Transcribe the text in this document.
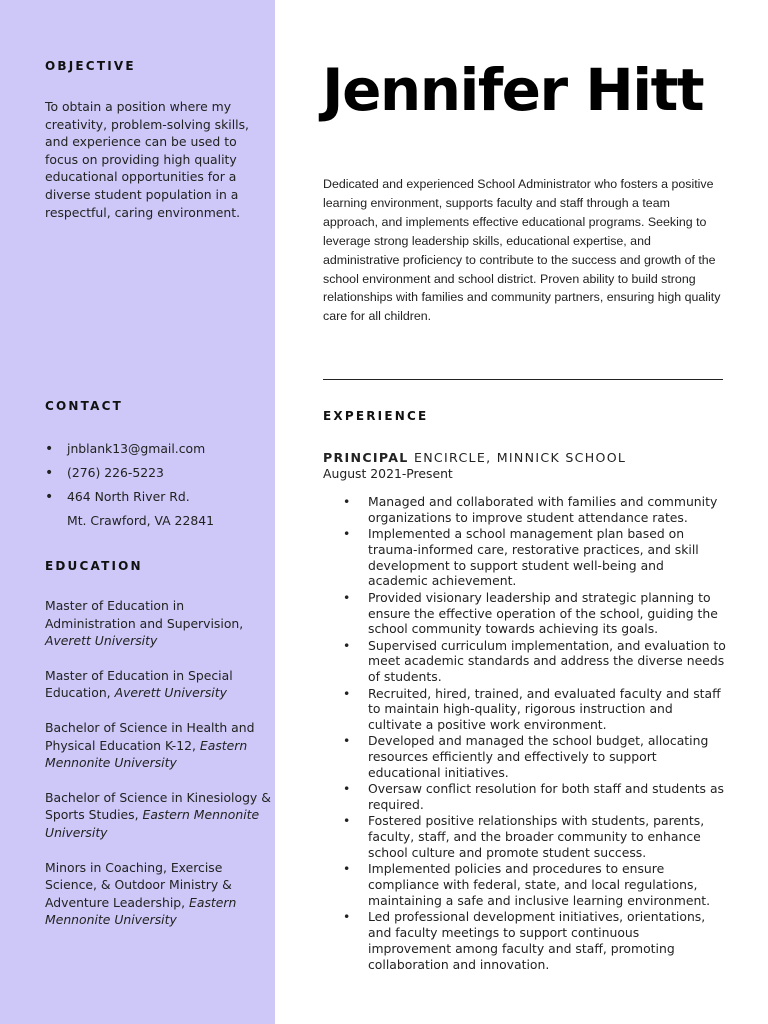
OBJECTIVE

To obtain a position where my creativity, problem-solving skills, and experience can be used to focus on providing high quality educational opportunities for a diverse student population in a respectful, caring environment.

CONTACT
• jnblank13@gmail.com
• (276) 226-5223
• 464 North River Rd.
Mt. Crawford, VA 22841
EDUCATION

Master of Education in Administration and Supervision, Averett University

Master of Education in Special Education, Averett University

Bachelor of Science in Health and Physical Education K-12, Eastern Mennonite University

Bachelor of Science in Kinesiology & Sports Studies, Eastern Mennonite University

Minors in Coaching, Exercise Science, & Outdoor Ministry & Adventure Leadership, Eastern Mennonite University

Jennifer Hitt

Dedicated and experienced School Administrator who fosters a positive learning environment, supports faculty and staff through a team approach, and implements effective educational programs. Seeking to leverage strong leadership skills, educational expertise, and administrative proficiency to contribute to the success and growth of the school environment and school district. Proven ability to build strong relationships with families and community partners, ensuring high quality care for all children.

EXPERIENCE

PRINCIPAL ENCIRCLE, MINNICK SCHOOL

August 2021-Present

• Managed and collaborated with families and community organizations to improve student attendance rates.
• Implemented a school management plan based on trauma-informed care, restorative practices, and skill development to support student well-being and academic achievement.
• Provided visionary leadership and strategic planning to ensure the effective operation of the school, guiding the school community towards achieving its goals.
• Supervised curriculum implementation, and evaluation to meet academic standards and address the diverse needs of students.
• Recruited, hired, trained, and evaluated faculty and staff to maintain high-quality, rigorous instruction and cultivate a positive work environment.
• Developed and managed the school budget, allocating resources efficiently and effectively to support educational initiatives.
• Oversaw conflict resolution for both staff and students as required.
• Fostered positive relationships with students, parents, faculty, staff, and the broader community to enhance school culture and promote student success.
• Implemented policies and procedures to ensure compliance with federal, state, and local regulations, maintaining a safe and inclusive learning environment.
• Led professional development initiatives, orientations, and faculty meetings to support continuous improvement among faculty and staff, promoting collaboration and innovation.
